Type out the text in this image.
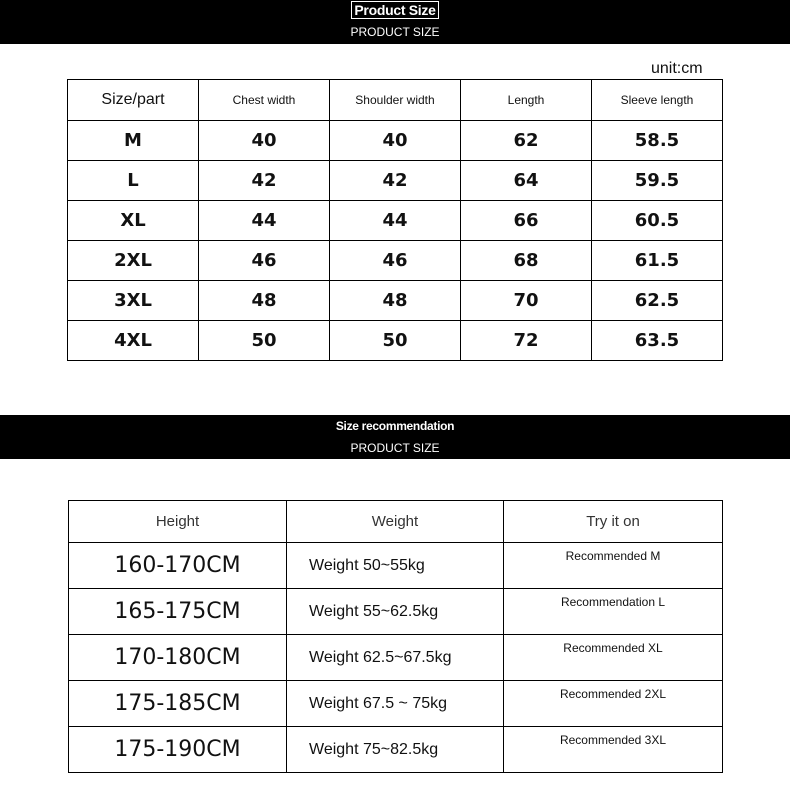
Product Size
PRODUCT SIZE
unit:cm
Size/part	Chest width	Shoulder width	Length	Sleeve length
M	40	40	62	58.5
L	42	42	64	59.5
XL	44	44	66	60.5
2XL	46	46	68	61.5
3XL	48	48	70	62.5
4XL	50	50	72	63.5
Size recommendation
PRODUCT SIZE
Height	Weight	Try it on
160-170CM	Weight 50~55kg	Recommended M
165-175CM	Weight 55~62.5kg	Recommendation L
170-180CM	Weight 62.5~67.5kg	Recommended XL
175-185CM	Weight 67.5 ~ 75kg	Recommended 2XL
175-190CM	Weight 75~82.5kg	Recommended 3XL
